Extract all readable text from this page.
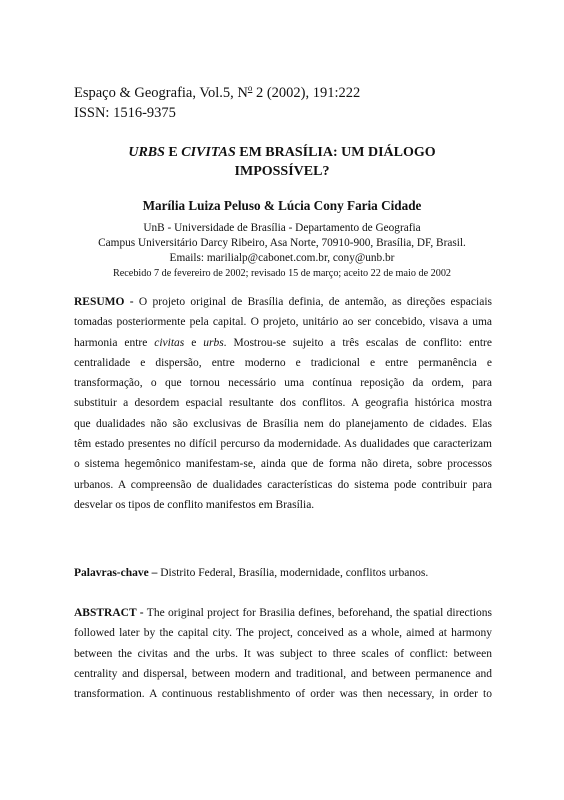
Espaço & Geografia, Vol.5, $N^o$ 2 (2002), 191:222
ISSN: 1516-9375
URBS E CIVITAS EM BRASÍLIA: UM DIÁLOGO
IMPOSSÍVEL?
Marília Luiza Peluso & Lúcia Cony Faria Cidade
UnB - Universidade de Brasília - Departamento de Geografia
Campus Universitário Darcy Ribeiro, Asa Norte, 70910-900, Brasília, DF, Brasil.
Emails: marilialp@cabonet.com.br, cony@unb.br
Recebido 7 de fevereiro de 2002; revisado 15 de março; aceito 22 de maio de 2002
RESUMO - O projeto original de Brasília definia, de antemão, as direções espaciais
tomadas posteriormente pela capital. O projeto, unitário ao ser concebido, visava a uma
harmonia entre civitas e urbs. Mostrou-se sujeito a três escalas de conflito: entre
centralidade e dispersão, entre moderno e tradicional e entre permanência e
transformação, o que tornou necessário uma contínua reposição da ordem, para
substituir a desordem espacial resultante dos conflitos. A geografia histórica mostra
que dualidades não são exclusivas de Brasília nem do planejamento de cidades. Elas
têm estado presentes no difícil percurso da modernidade. As dualidades que caracterizam
o sistema hegemônico manifestam-se, ainda que de forma não direta, sobre processos
urbanos. A compreensão de dualidades características do sistema pode contribuir para
desvelar os tipos de conflito manifestos em Brasília.
Palavras-chave – Distrito Federal, Brasília, modernidade, conflitos urbanos.
ABSTRACT - The original project for Brasilia defines, beforehand, the spatial directions
followed later by the capital city. The project, conceived as a whole, aimed at harmony
between the civitas and the urbs. It was subject to three scales of conflict: between
centrality and dispersal, between modern and traditional, and between permanence and
transformation. A continuous restablishmento of order was then necessary, in order to
